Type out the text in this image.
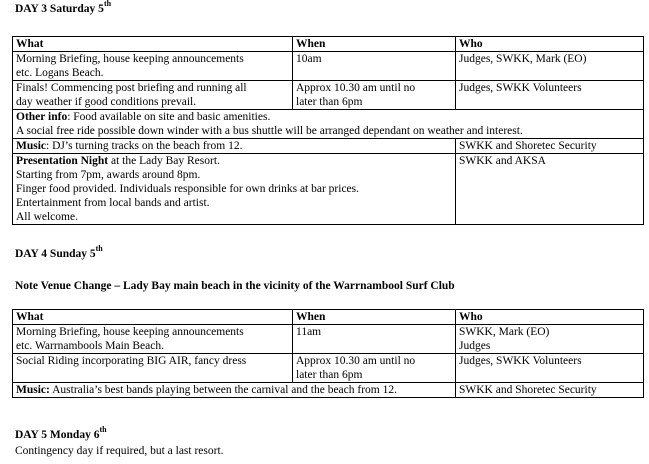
DAY 3 Saturday 5th
What	When	Who

Morning Briefing, house keeping announcements
etc. Logans Beach.	10am	Judges, SWKK, Mark (EO)

Finals! Commencing post briefing and running all
day weather if good conditions prevail.	Approx 10.30 am until no
later than 6pm	Judges, SWKK Volunteers

Other info: Food available on site and basic amenities.
A social free ride possible down winder with a bus shuttle will be arranged dependant on weather and interest.		

Music: DJ’s turning tracks on the beach from 12.		SWKK and Shoretec Security

Presentation Night at the Lady Bay Resort.
Starting from 7pm, awards around 8pm.
Finger food provided. Individuals responsible for own drinks at bar prices.
Entertainment from local bands and artist.
All welcome.		SWKK and AKSA
DAY 4 Sunday 5th
Note Venue Change – Lady Bay main beach in the vicinity of the Warrnambool Surf Club
What	When	Who

Morning Briefing, house keeping announcements
etc. Warrnambools Main Beach.	11am	SWKK, Mark (EO)
Judges

Social Riding incorporating BIG AIR, fancy dress	Approx 10.30 am until no
later than 6pm	Judges, SWKK Volunteers
Music: Australia’s best bands playing between the carnival and the beach from 12.		SWKK and Shoretec Security
DAY 5 Monday 6th
Contingency day if required, but a last resort.
